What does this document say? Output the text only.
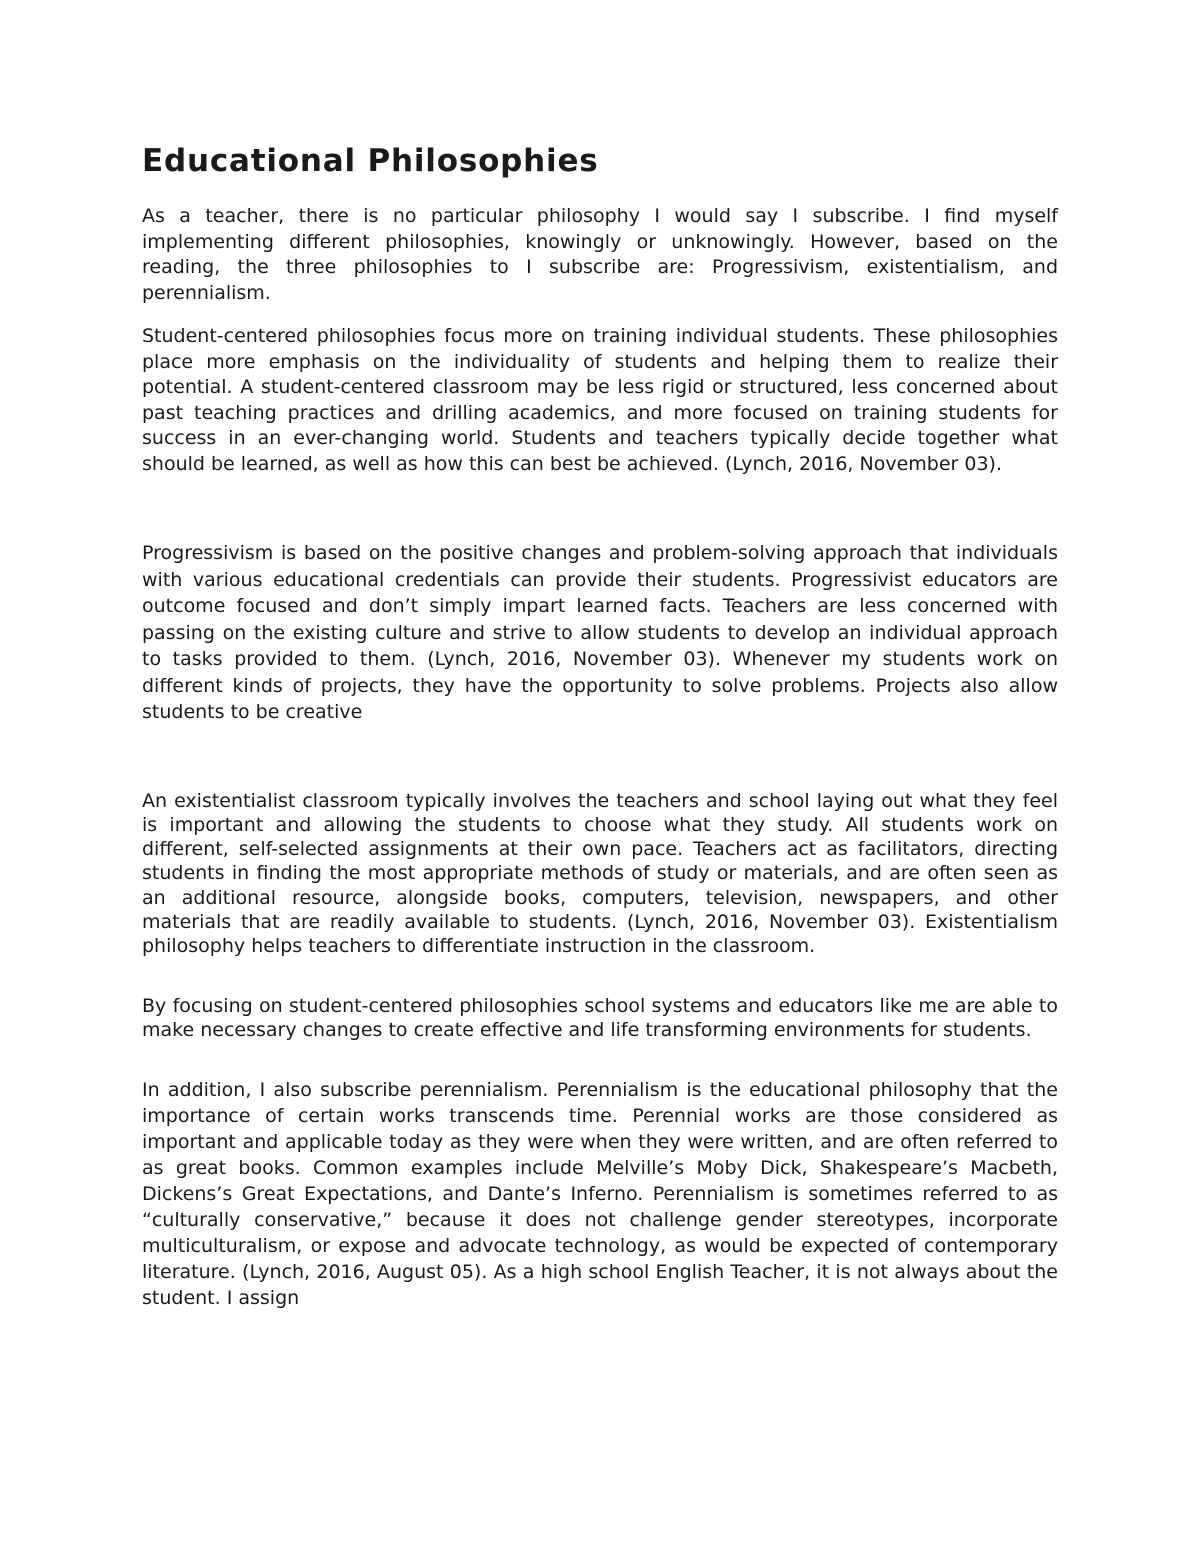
Educational Philosophies

As a teacher, there is no particular philosophy I would say I subscribe. I find myself implementing different philosophies, knowingly or unknowingly. However, based on the reading, the three philosophies to I subscribe are: Progressivism, existentialism, and perennialism.

Student-centered philosophies focus more on training individual students. These philosophies place more emphasis on the individuality of students and helping them to realize their potential. A student-centered classroom may be less rigid or structured, less concerned about past teaching practices and drilling academics, and more focused on training students for success in an ever-changing world. Students and teachers typically decide together what should be learned, as well as how this can best be achieved. (Lynch, 2016, November 03).

Progressivism is based on the positive changes and problem-solving approach that individuals with various educational credentials can provide their students. Progressivist educators are outcome focused and don’t simply impart learned facts. Teachers are less concerned with passing on the existing culture and strive to allow students to develop an individual approach to tasks provided to them. (Lynch, 2016, November 03). Whenever my students work on different kinds of projects, they have the opportunity to solve problems. Projects also allow students to be creative

An existentialist classroom typically involves the teachers and school laying out what they feel is important and allowing the students to choose what they study. All students work on different, self-selected assignments at their own pace. Teachers act as facilitators, directing students in finding the most appropriate methods of study or materials, and are often seen as an additional resource, alongside books, computers, television, newspapers, and other materials that are readily available to students. (Lynch, 2016, November 03). Existentialism philosophy helps teachers to differentiate instruction in the classroom.

By focusing on student-centered philosophies school systems and educators like me are able to make necessary changes to create effective and life transforming environments for students.

In addition, I also subscribe perennialism. Perennialism is the educational philosophy that the importance of certain works transcends time. Perennial works are those considered as important and applicable today as they were when they were written, and are often referred to as great books. Common examples include Melville’s Moby Dick, Shakespeare’s Macbeth, Dickens’s Great Expectations, and Dante’s Inferno. Perennialism is sometimes referred to as “culturally conservative,” because it does not challenge gender stereotypes, incorporate multiculturalism, or expose and advocate technology, as would be expected of contemporary literature. (Lynch, 2016, August 05). As a high school English Teacher, it is not always about the student. I assign
